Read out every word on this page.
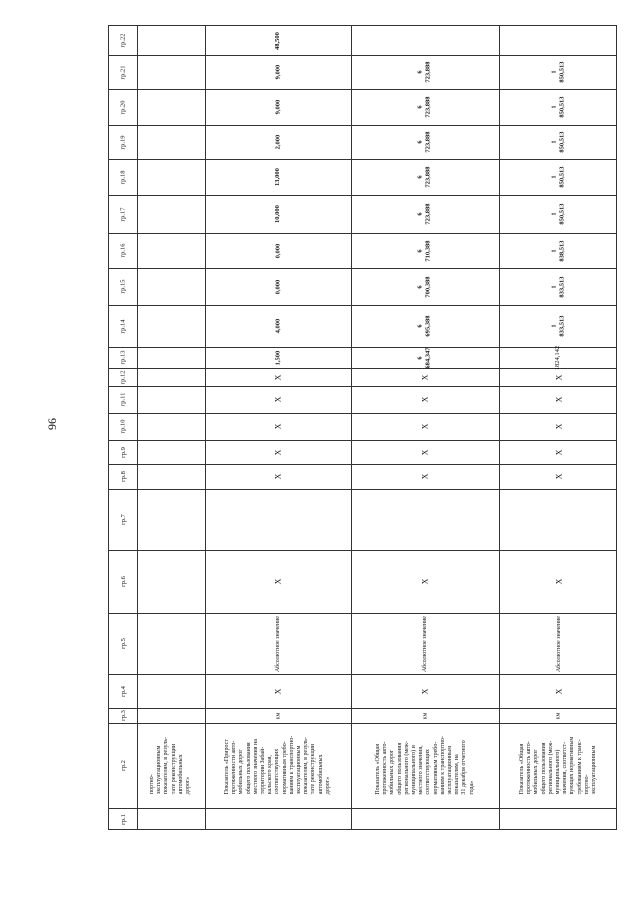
96
гр.1
гр.2
гр.3
гр.4
гр.5
гр.6
гр.7
гр.8
гр.9
гр.10
гр.11
гр.12
гр.13
гр.14
гр.15
гр.16
гр.17
гр.18
гр.19
гр.20
гр.21
гр.22
портно-
эксплуатационным
показателям, в резуль-
тате реконструкции
автомобильных
дорог»	Показатель «Прирост
протяженности авто-
мобильных дорог
общего пользования
местного значения на
территории Забай-
кальского края,
соответствующих
нормативным требо-
ваниям к транспортно-
эксплуатационным
показателям, в резуль-
тате реконструкции
автомобильных
дорог»
км
X
Абсолютное значение
X
X
X
X
X
X
1,500
4,000
0,000
0,000
10,000
13,000
2,000
9,000
9,000
48,500
Показатель «Общая
протяженность авто-
мобильных дорог
общего пользования
регионального (меж-
муниципального) и
местного значения,
соответствующих
нормативным требо-
ваниям к транспортно-
эксплуатационным
показателям, на
31 декабря отчетного
года»
км
X
Абсолютное значение
X
X
X
X
X
X
6
684,347
6
695,388
6
700,388
6
710,388
6
723,888
6
723,888
6
723,888
6
723,888
6
723,888
Показатель «Общая
протяженность авто-
мобильных дорог
общего пользования
регионального (меж-
муниципального)
значения, соответст-
вующих нормативным
требованиям к транс-
портно-
эксплуатационным
км
X
Абсолютное значение
X
X
X
X
X
X
1824,142
1
833,513
1
833,513
1
838,513
1
850,513
1
850,513
1
850,513
1
850,513
1
850,513
